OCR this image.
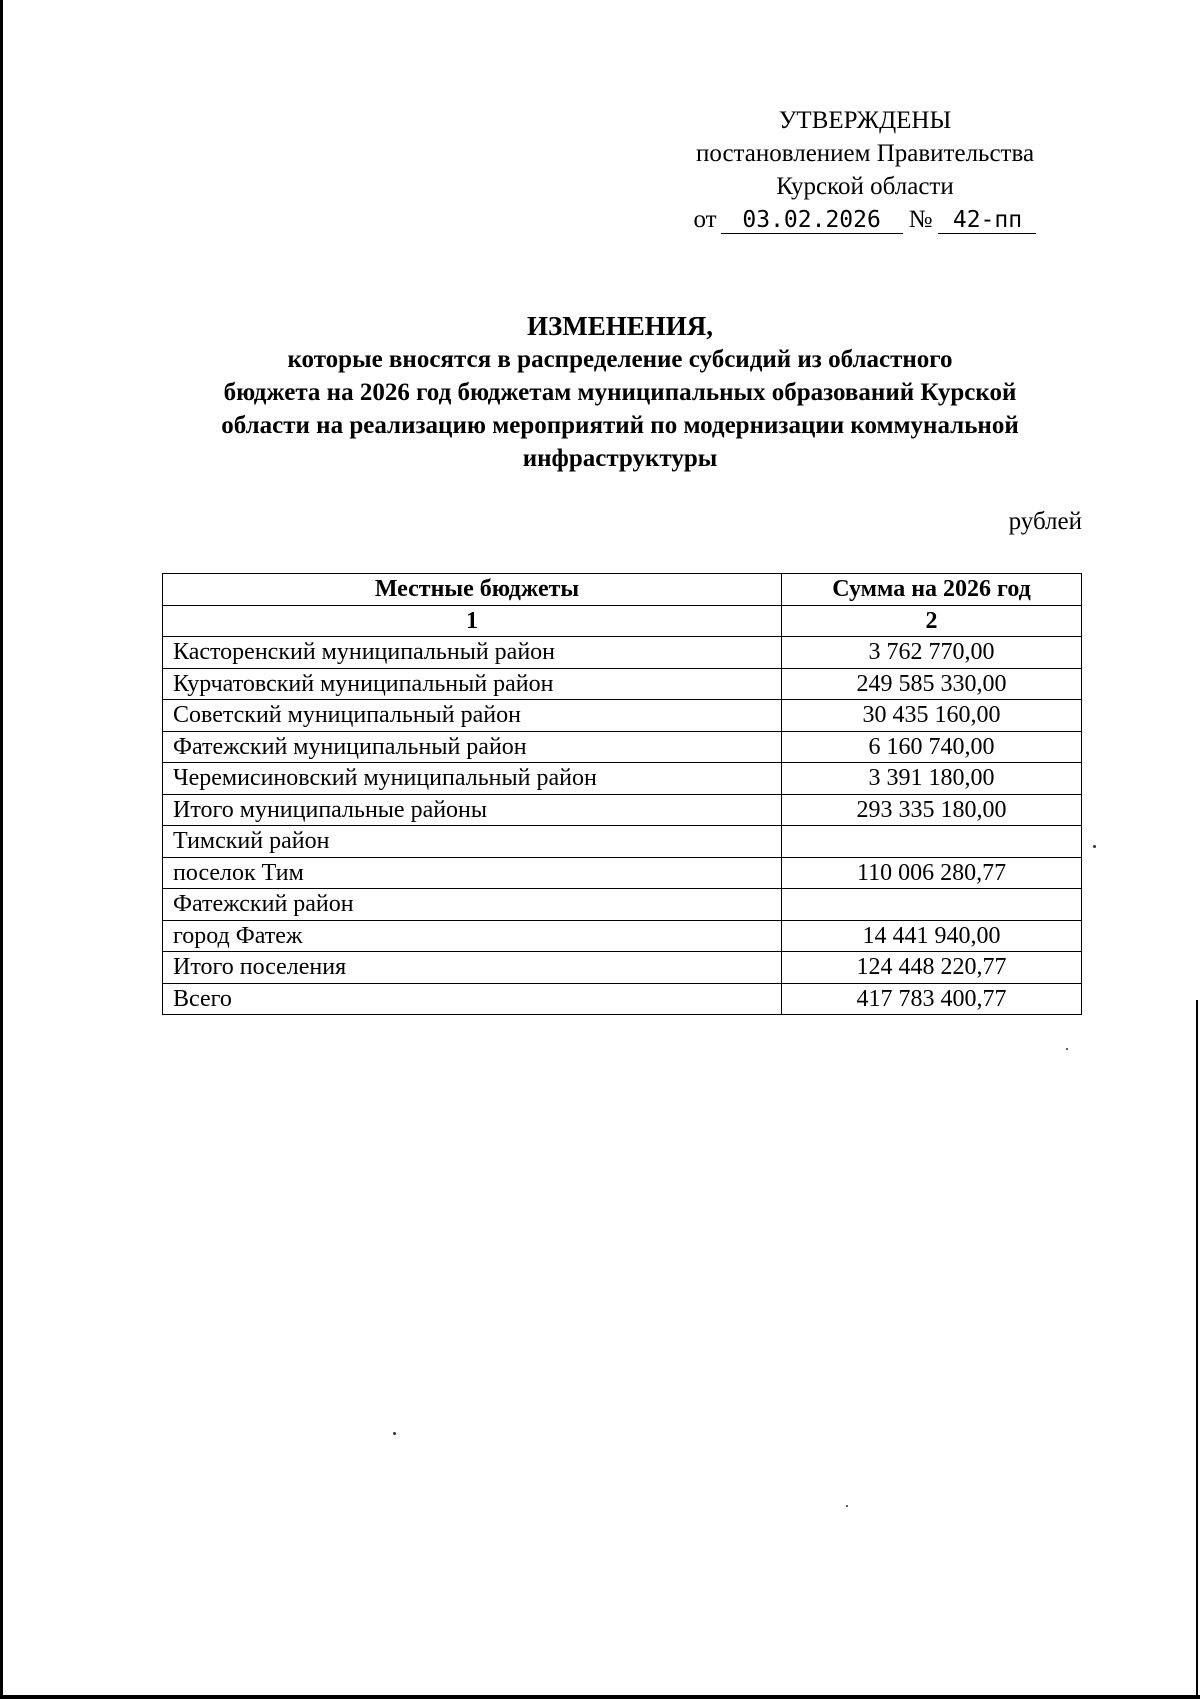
УТВЕРЖДЕНЫ
постановлением Правительства
Курской области
от 03.02.2026 № 42-пп
ИЗМЕНЕНИЯ,
которые вносятся в распределение субсидий из областного
бюджета на 2026 год бюджетам муниципальных образований Курской
области на реализацию мероприятий по модернизации коммунальной
инфраструктуры
рублей
Местные бюджеты	Сумма на 2026 год
1	2
Касторенский муниципальный район	3 762 770,00
Курчатовский муниципальный район	249 585 330,00
Советский муниципальный район	30 435 160,00
Фатежский муниципальный район	6 160 740,00
Черемисиновский муниципальный район	3 391 180,00
Итого муниципальные районы	293 335 180,00
Тимский район	
поселок Тим	110 006 280,77
Фатежский район	
город Фатеж	14 441 940,00
Итого поселения	124 448 220,77
Всего	417 783 400,77
